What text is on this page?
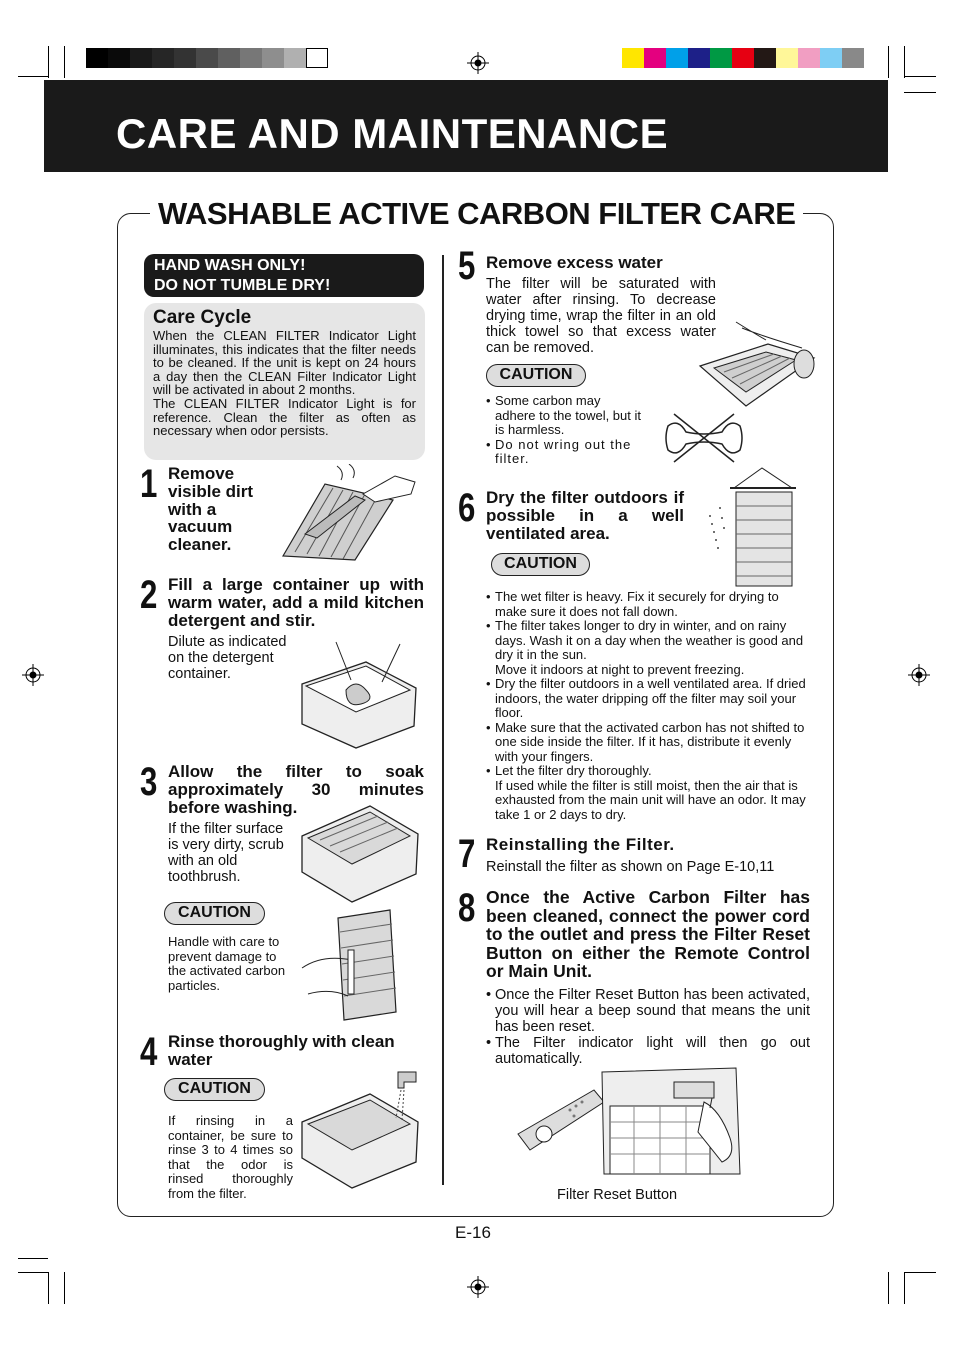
CARE AND MAINTENANCE
WASHABLE ACTIVE CARBON FILTER CARE
HAND WASH ONLY!
DO NOT TUMBLE DRY!
Care Cycle
When the CLEAN FILTER Indicator Light illuminates, this indicates that the filter needs to be cleaned. If the unit is kept on 24 hours a day then the CLEAN Filter Indicator Light will be activated in about 2 months.
The CLEAN FILTER Indicator Light is for reference. Clean the filter as often as necessary when odor persists.
1 Remove visible dirt with a vacuum cleaner.
2 Fill a large container up with warm water, add a mild kitchen detergent and stir.
Dilute as indicated on the detergent container.
3 Allow the filter to soak approximately 30 minutes before washing.
If the filter surface is very dirty, scrub with an old toothbrush.
CAUTION
Handle with care to prevent damage to the activated carbon particles.
4 Rinse thoroughly with clean water
CAUTION
If rinsing in a container, be sure to rinse 3 to 4 times so that the odor is rinsed thoroughly from the filter.
5 Remove excess water
The filter will be saturated with water after rinsing. To decrease drying time, wrap the filter in an old thick towel so that excess water can be removed.
CAUTION
• Some carbon may adhere to the towel, but it is harmless.
• Do not wring out the filter.
6 Dry the filter outdoors if possible in a well ventilated area.
CAUTION
• The wet filter is heavy. Fix it securely for drying to make sure it does not fall down.
• The filter takes longer to dry in winter, and on rainy days. Wash it on a day when the weather is good and dry it in the sun.
Move it indoors at night to prevent freezing.
• Dry the filter outdoors in a well ventilated area. If dried indoors, the water dripping off the filter may soil your floor.
• Make sure that the activated carbon has not shifted to one side inside the filter. If it has, distribute it evenly with your fingers.
• Let the filter dry thoroughly.
If used while the filter is still moist, then the air that is exhausted from the main unit will have an odor. It may take 1 or 2 days to dry.
7 Reinstalling the Filter.
Reinstall the filter as shown on Page E-10,11
8 Once the Active Carbon Filter has been cleaned, connect the power cord to the outlet and press the Filter Reset Button on either the Remote Control or Main Unit.
• Once the Filter Reset Button has been activated, you will hear a beep sound that means the unit has been reset.
• The Filter indicator light will then go out automatically.
Filter Reset Button
E-16
